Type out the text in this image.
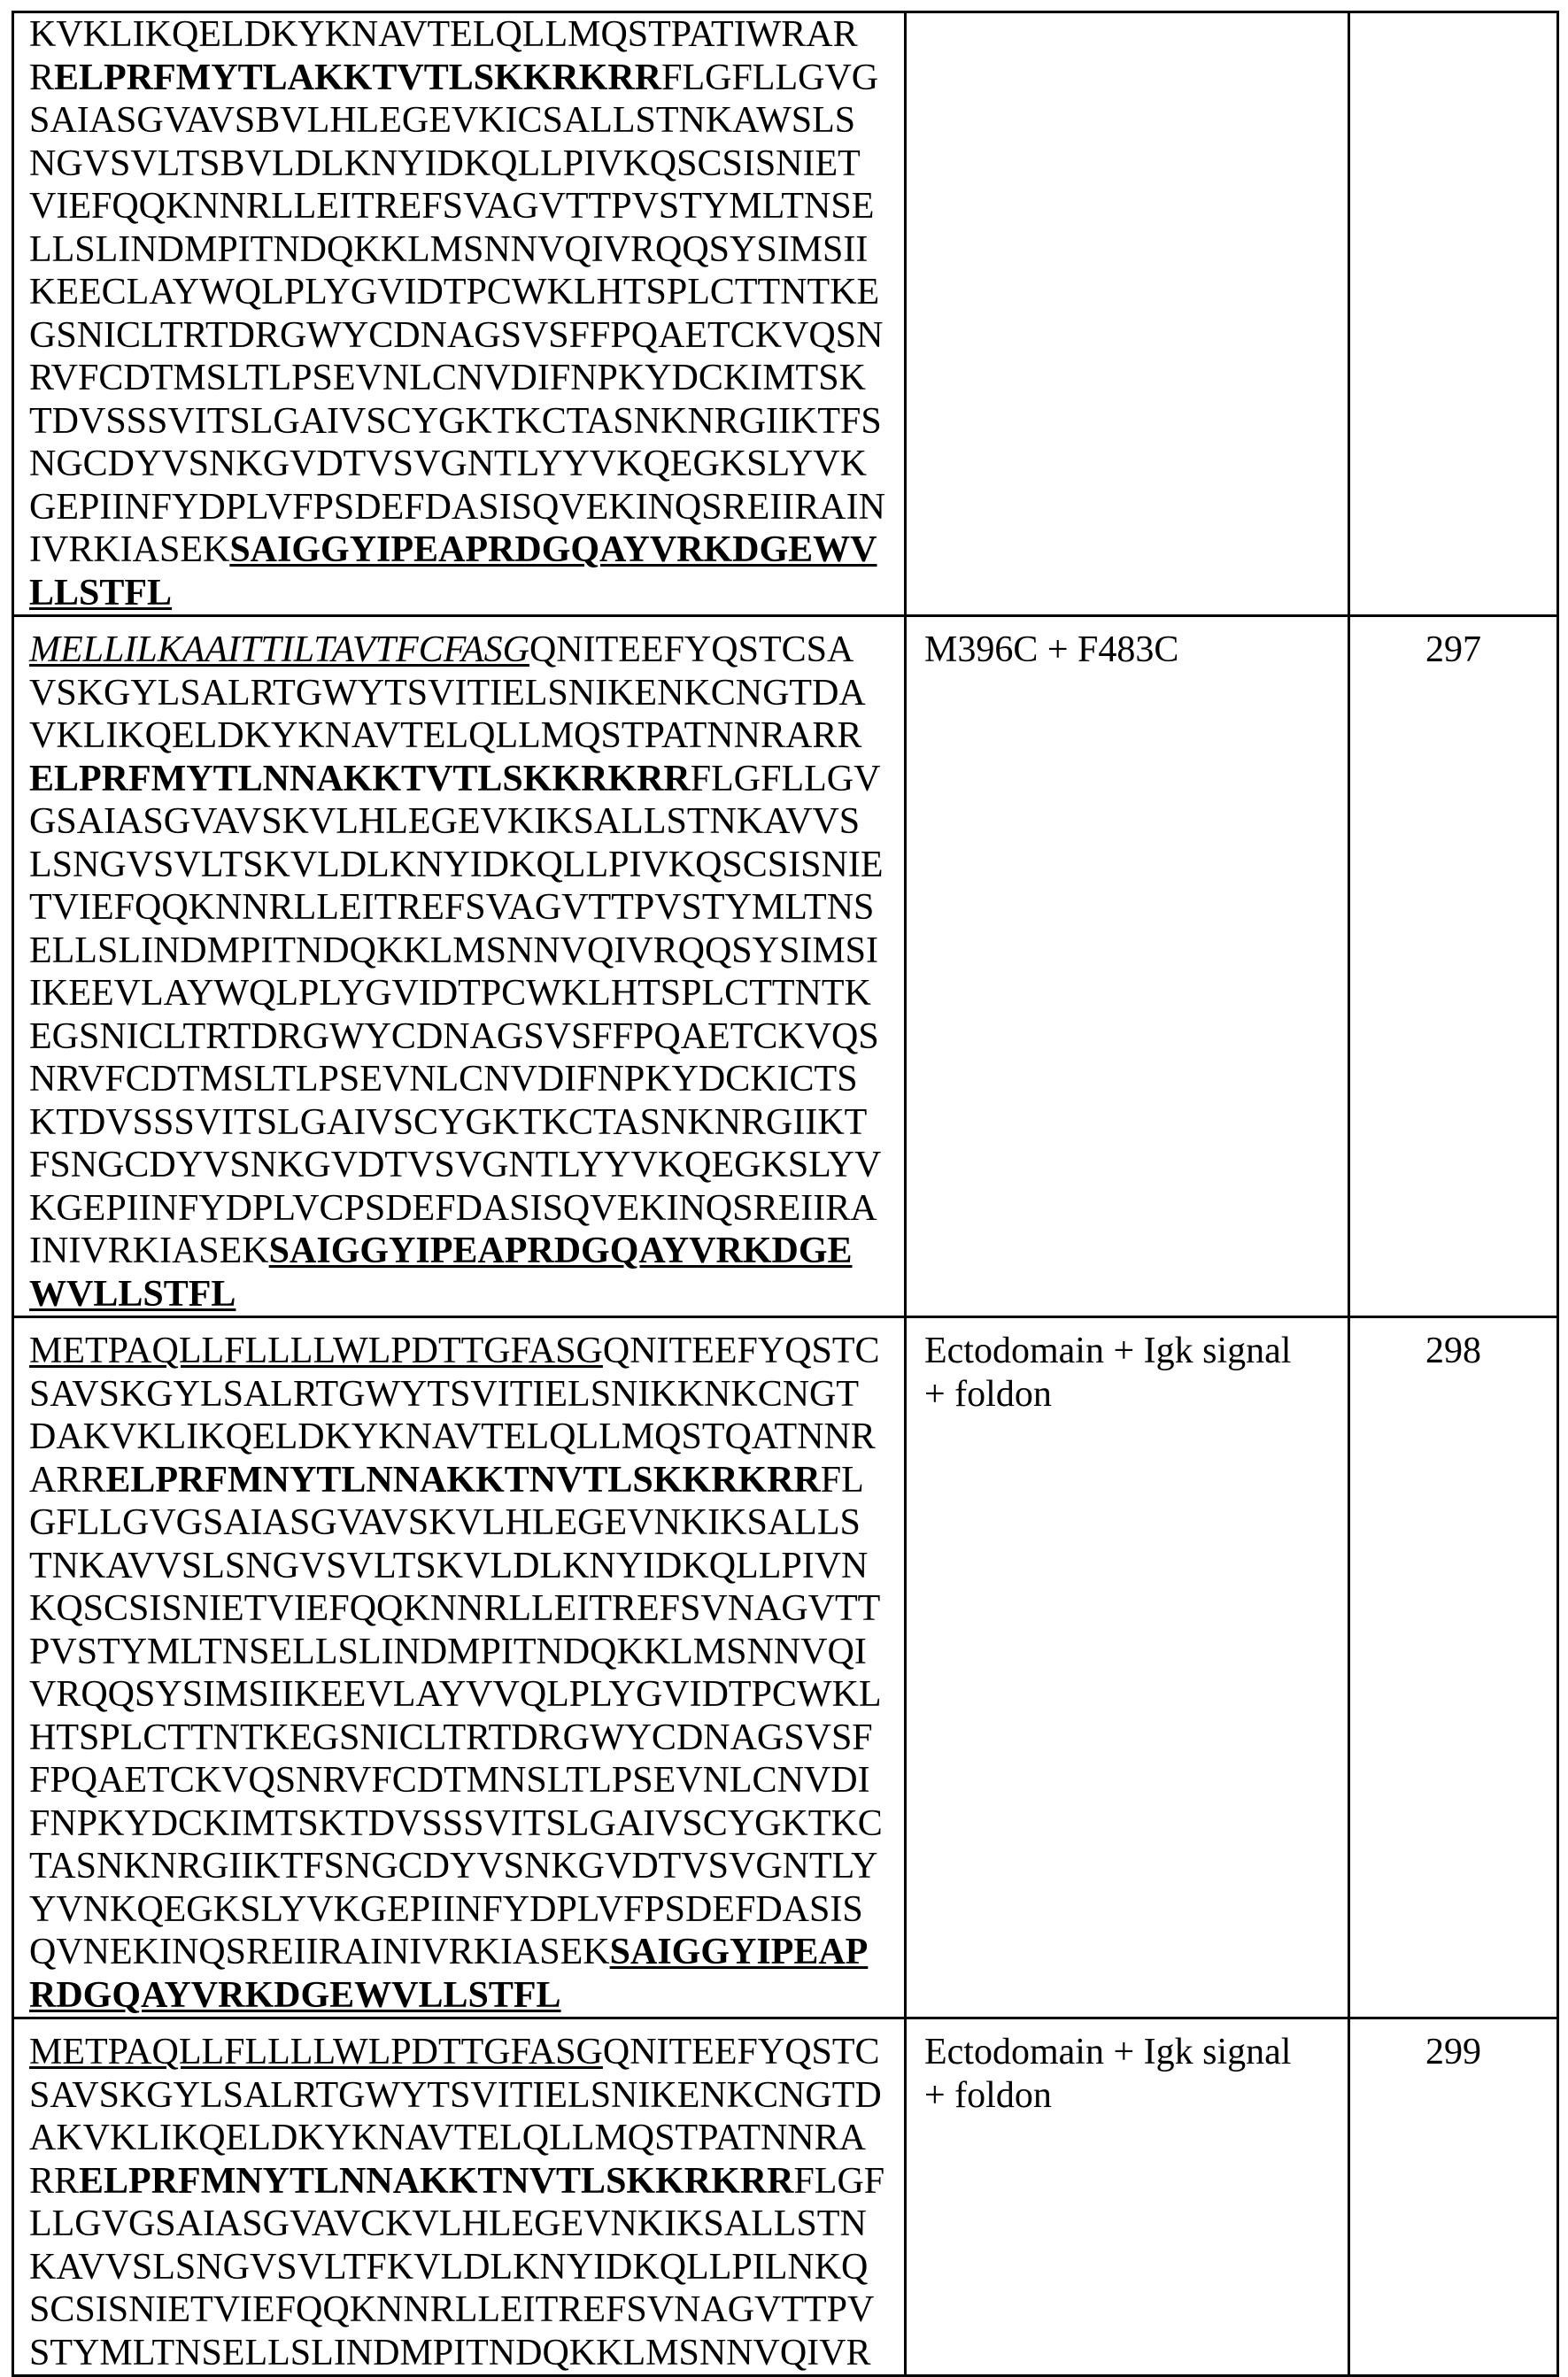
KVKLIKQELDKYKNAVTELQLLMQSTPATIWRAR
RELPRFMYTLAKKTVTLSKKRKRRFLGFLLGVG
SAIASGVAVSBVLHLEGEVKICSALLSTNKAWSLS
NGVSVLTSBVLDLKNYIDKQLLPIVKQSCSISNIET
VIEFQQKNNRLLEITREFSVAGVTTPVSTYMLTNSE
LLSLINDMPITNDQKKLMSNNVQIVRQQSYSIMSII
KEECLAYWQLPLYGVIDTPCWKLHTSPLCTTNTKE
GSNICLTRTDRGWYCDNAGSVSFFPQAETCKVQSN
RVFCDTMSLTLPSEVNLCNVDIFNPKYDCKIMTSK
TDVSSSVITSLGAIVSCYGKTKCTASNKNRGIIKTFS
NGCDYVSNKGVDTVSVGNTLYYVKQEGKSLYVK
GEPIINFYDPLVFPSDEFDASISQVEKINQSREIIRAIN
IVRKIASEKSAIGGYIPEAPRDGQAYVRKDGEWV
LLSTFL

MELLILKAAITTILTAVTFCFASGQNITEEFYQSTCSA
VSKGYLSALRTGWYTSVITIELSNIKENKCNGTDA
VKLIKQELDKYKNAVTELQLLMQSTPATNNRARR
ELPRFMYTLNNAKKTVTLSKKRKRRFLGFLLGV
GSAIASGVAVSKVLHLEGEVKIKSALLSTNKAVVS
LSNGVSVLTSKVLDLKNYIDKQLLPIVKQSCSISNIE
TVIEFQQKNNRLLEITREFSVAGVTTPVSTYMLTNS
ELLSLINDMPITNDQKKLMSNNVQIVRQQSYSIMSI
IKEEVLAYWQLPLYGVIDTPCWKLHTSPLCTTNTK
EGSNICLTRTDRGWYCDNAGSVSFFPQAETCKVQS
NRVFCDTMSLTLPSEVNLCNVDIFNPKYDCKICTS
KTDVSSSVITSLGAIVSCYGKTKCTASNKNRGIIKT
FSNGCDYVSNKGVDTVSVGNTLYYVKQEGKSLYV
KGEPIINFYDPLVCPSDEFDASISQVEKINQSREIIRA
INIVRKIASEKSAIGGYIPEAPRDGQAYVRKDGE
WVLLSTFL

M396C + F483C	297

METPAQLLFLLLLWLPDTTGFASGQNITEEFYQSTC
SAVSKGYLSALRTGWYTSVITIELSNIKKNKCNGT
DAKVKLIKQELDKYKNAVTELQLLMQSTQATNNR
ARRELPRFMNYTLNNAKKTNVTLSKKRKRRFL
GFLLGVGSAIASGVAVSKVLHLEGEVNKIKSALLS
TNKAVVSLSNGVSVLTSKVLDLKNYIDKQLLPIVN
KQSCSISNIETVIEFQQKNNRLLEITREFSVNAGVTT
PVSTYMLTNSELLSLINDMPITNDQKKLMSNNVQI
VRQQSYSIMSIIKEEVLAYVVQLPLYGVIDTPCWKL
HTSPLCTTNTKEGSNICLTRTDRGWYCDNAGSVSF
FPQAETCKVQSNRVFCDTMNSLTLPSEVNLCNVDI
FNPKYDCKIMTSKTDVSSSVITSLGAIVSCYGKTKC
TASNKNRGIIKTFSNGCDYVSNKGVDTVSVGNTLY
YVNKQEGKSLYVKGEPIINFYDPLVFPSDEFDASIS
QVNEKINQSREIIRAINIVRKIASEKSAIGGYIPEAP
RDGQAYVRKDGEWVLLSTFL

Ectodomain + Igk signal
+ foldon
	298

METPAQLLFLLLLWLPDTTGFASGQNITEEFYQSTC
SAVSKGYLSALRTGWYTSVITIELSNIKENKCNGTD
AKVKLIKQELDKYKNAVTELQLLMQSTPATNNRA
RRELPRFMNYTLNNAKKTNVTLSKKRKRRFLGF
LLGVGSAIASGVAVCKVLHLEGEVNKIKSALLSTN
KAVVSLSNGVSVLTFKVLDLKNYIDKQLLPILNKQ
SCSISNIETVIEFQQKNNRLLEITREFSVNAGVTTPV
STYMLTNSELLSLINDMPITNDQKKLMSNNVQIVR

Ectodomain + Igk signal
+ foldon
	299
